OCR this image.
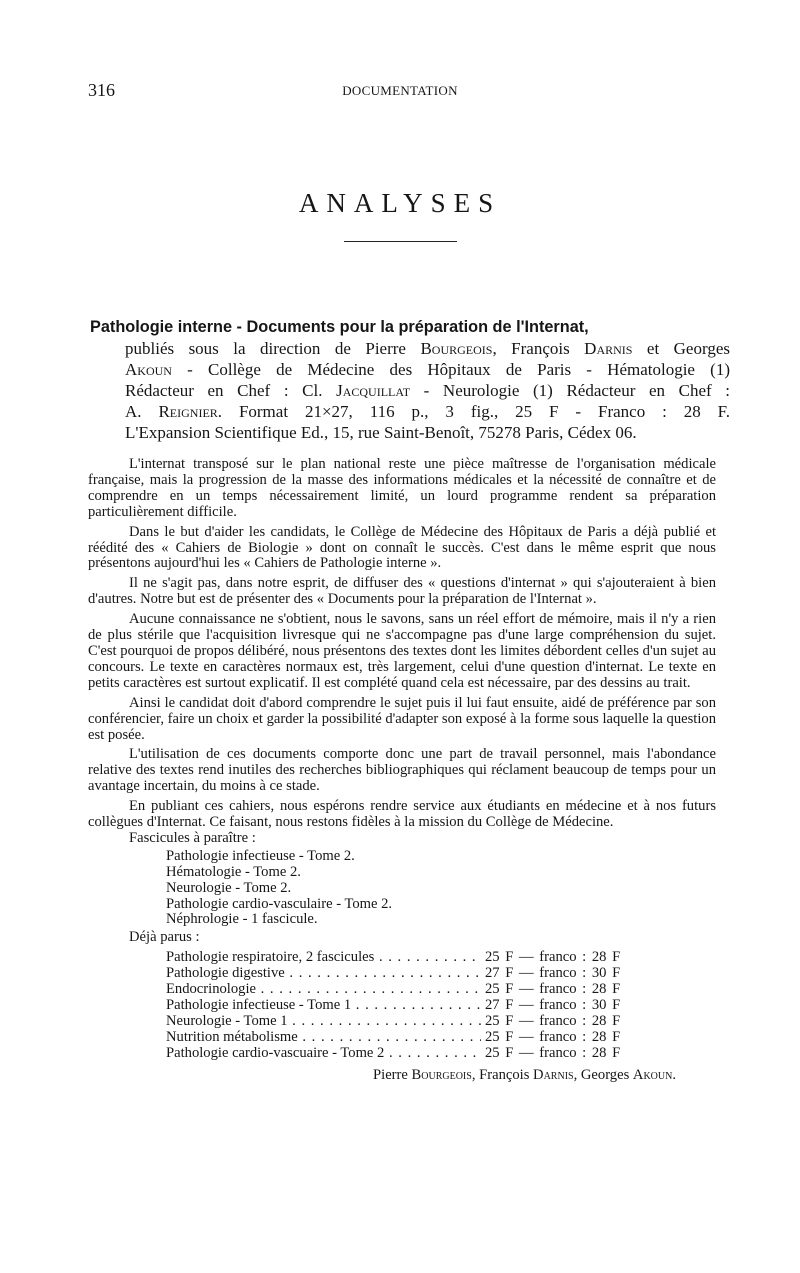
316	DOCUMENTATION
ANALYSES
Pathologie interne - Documents pour la préparation de l'Internat,
publiés sous la direction de Pierre Bourgeois, François Darnis et Georges
Akoun - Collège de Médecine des Hôpitaux de Paris - Hématologie (1)
Rédacteur en Chef : Cl. Jacquillat - Neurologie (1) Rédacteur en Chef :
A. Reignier. Format 21×27, 116 p., 3 fig., 25 F - Franco : 28 F.
L'Expansion Scientifique Ed., 15, rue Saint-Benoît, 75278 Paris, Cédex 06.

L'internat transposé sur le plan national reste une pièce maîtresse de l'organisation médicale française, mais la progression de la masse des informations médicales et la nécessité de connaître et de comprendre en un temps nécessairement limité, un lourd programme rendent sa préparation particulièrement difficile.

Dans le but d'aider les candidats, le Collège de Médecine des Hôpitaux de Paris a déjà publié et réédité des « Cahiers de Biologie » dont on connaît le succès. C'est dans le même esprit que nous présentons aujourd'hui les « Cahiers de Pathologie interne ».

Il ne s'agit pas, dans notre esprit, de diffuser des « questions d'internat » qui s'ajouteraient à bien d'autres. Notre but est de présenter des « Documents pour la préparation de l'Internat ».

Aucune connaissance ne s'obtient, nous le savons, sans un réel effort de mémoire, mais il n'y a rien de plus stérile que l'acquisition livresque qui ne s'accompagne pas d'une large compréhension du sujet. C'est pourquoi de propos délibéré, nous présentons des textes dont les limites débordent celles d'un sujet au concours. Le texte en caractères normaux est, très largement, celui d'une question d'internat. Le texte en petits caractères est surtout explicatif. Il est complété quand cela est nécessaire, par des dessins au trait.

Ainsi le candidat doit d'abord comprendre le sujet puis il lui faut ensuite, aidé de préférence par son conférencier, faire un choix et garder la possibilité d'adapter son exposé à la forme sous laquelle la question est posée.

L'utilisation de ces documents comporte donc une part de travail personnel, mais l'abondance relative des textes rend inutiles des recherches bibliographiques qui réclament beaucoup de temps pour un avantage incertain, du moins à ce stade.

En publiant ces cahiers, nous espérons rendre service aux étudiants en médecine et à nos futurs collègues d'Internat. Ce faisant, nous restons fidèles à la mission du Collège de Médecine.

Fascicules à paraître :
Pathologie infectieuse - Tome 2.
Hématologie - Tome 2.
Neurologie - Tome 2.
Pathologie cardio-vasculaire - Tome 2.
Néphrologie - 1 fascicule.
Déjà parus :
Pathologie respiratoire, 2 fascicules . . .	25 F — franco : 28 F
Pathologie digestive . . .	27 F — franco : 30 F
Endocrinologie . . .	25 F — franco : 28 F
Pathologie infectieuse - Tome 1 . . .	27 F — franco : 30 F
Neurologie - Tome 1 . . .	25 F — franco : 28 F
Nutrition métabolisme . . .	25 F — franco : 28 F
Pathologie cardio-vascuaire - Tome 2 . . .	25 F — franco : 28 F
Pierre Bourgeois, François Darnis, Georges Akoun.
